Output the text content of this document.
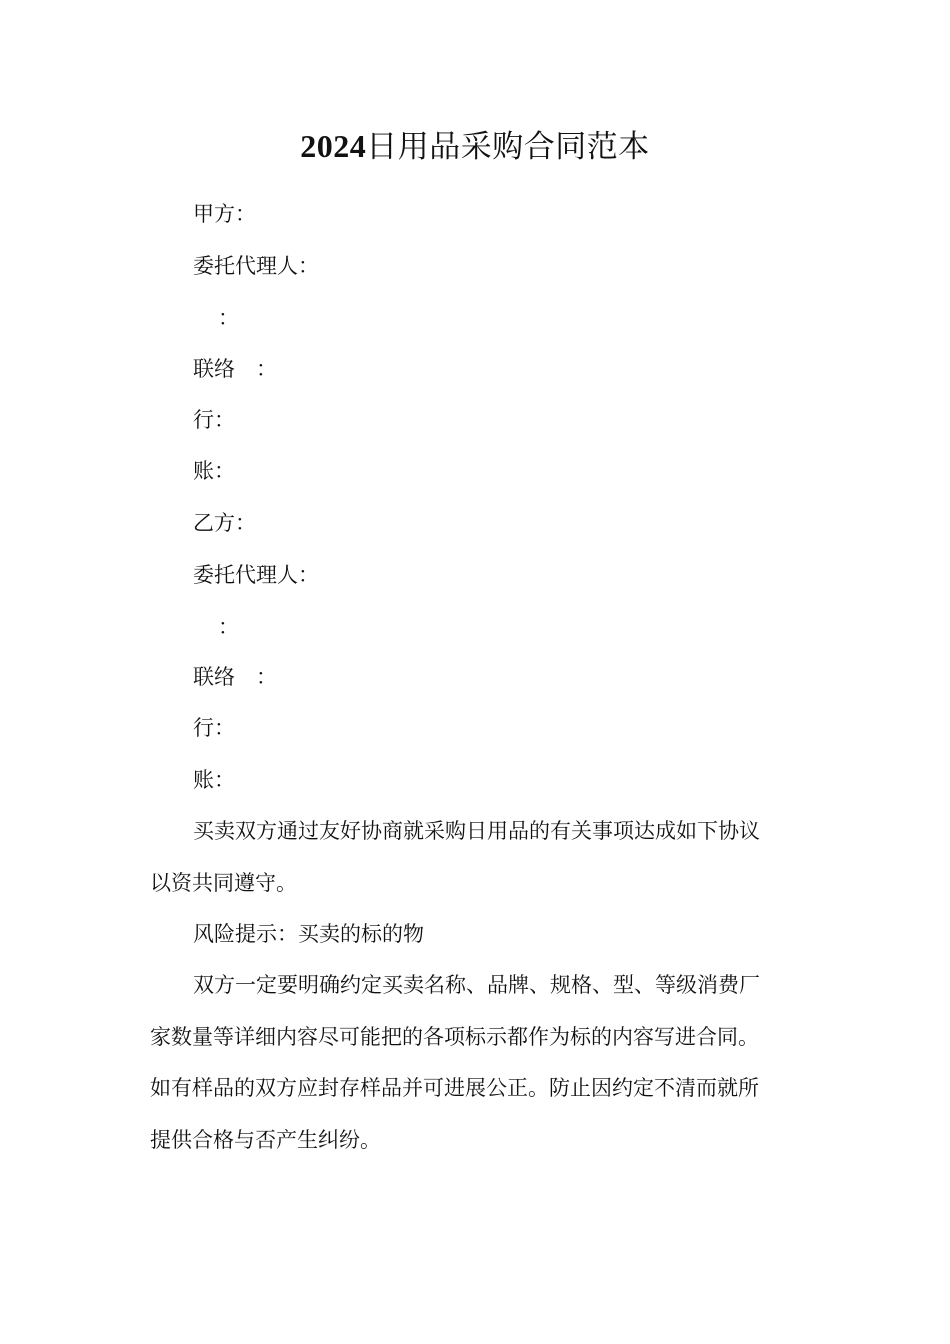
2024日用品采购合同范本
甲方：
委托代理人：
：
联络　：
行：
账：
乙方：
委托代理人：
：
联络　：
行：
账：
买卖双方通过友好协商就采购日用品的有关事项达成如下协议
以资共同遵守。
风险提示：买卖的标的物
双方一定要明确约定买卖名称、品牌、规格、型、等级消费厂
家数量等详细内容尽可能把的各项标示都作为标的内容写进合同。
如有样品的双方应封存样品并可进展公正。防止因约定不清而就所
提供合格与否产生纠纷。
